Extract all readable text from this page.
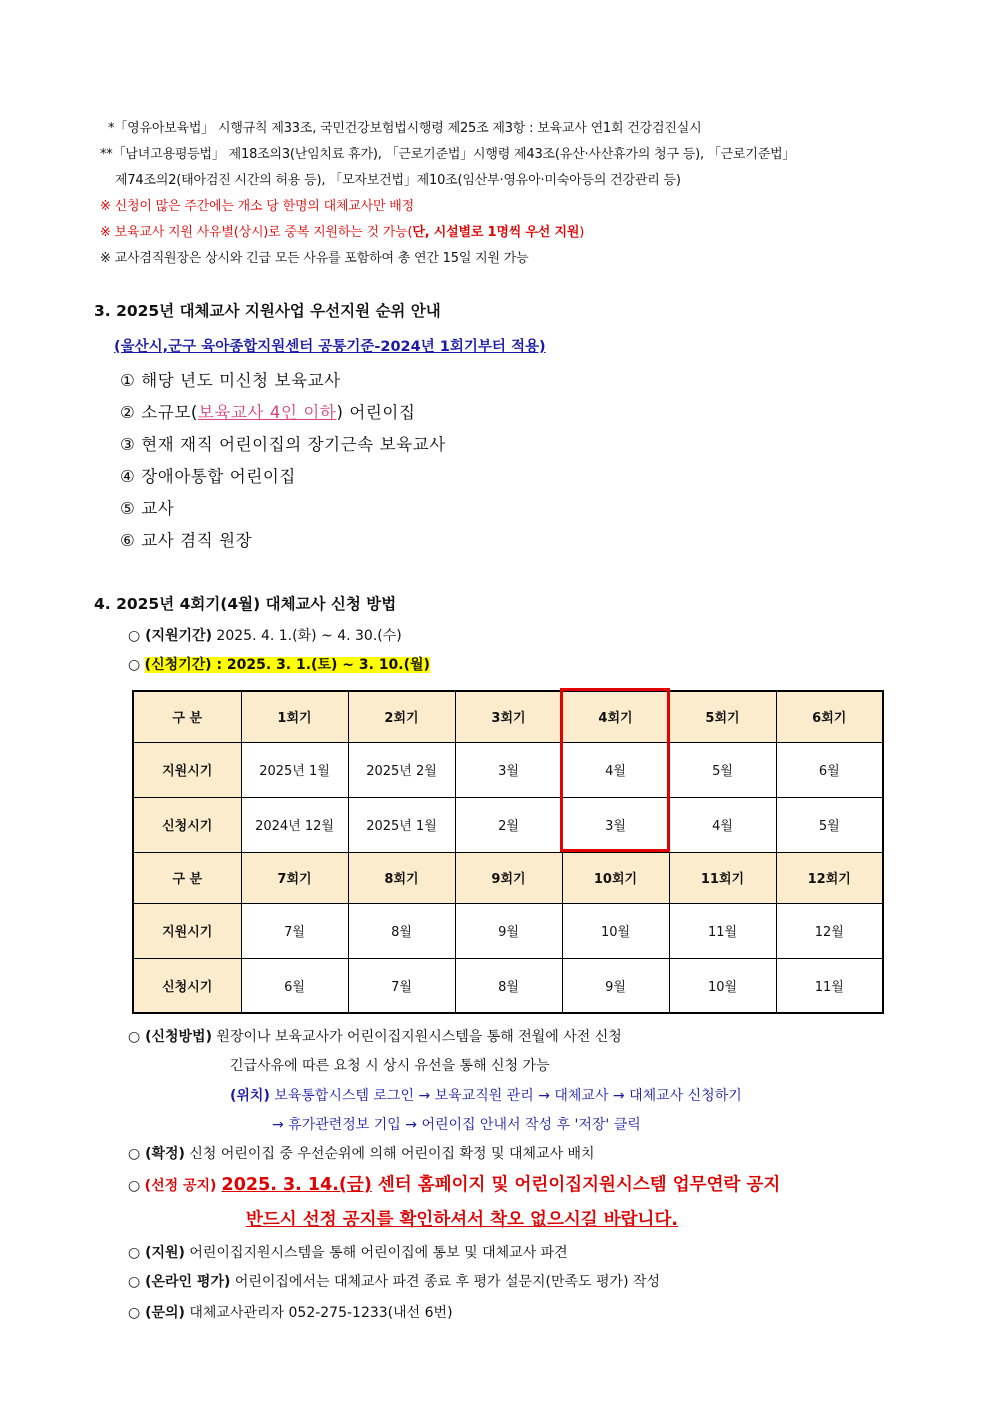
*「영유아보육법」 시행규칙 제33조, 국민건강보험법시행령 제25조 제3항 : 보육교사 연1회 건강검진실시
**「남녀고용평등법」 제18조의3(난임치료 휴가), 「근로기준법」시행령 제43조(유산·사산휴가의 청구 등), 「근로기준법」
제74조의2(태아검진 시간의 허용 등), 「모자보건법」제10조(임산부·영유아·미숙아등의 건강관리 등)
※ 신청이 많은 주간에는 개소 당 한명의 대체교사만 배정
※ 보육교사 지원 사유별(상시)로 중복 지원하는 것 가능(단, 시설별로 1명씩 우선 지원)
※ 교사겸직원장은 상시와 긴급 모든 사유를 포함하여 총 연간 15일 지원 가능
3. 2025년 대체교사 지원사업 우선지원 순위 안내
(울산시,군구 육아종합지원센터 공통기준-2024년 1회기부터 적용)
① 해당 년도 미신청 보육교사
② 소규모(보육교사 4인 이하) 어린이집
③ 현재 재직 어린이집의 장기근속 보육교사
④ 장애아통합 어린이집
⑤ 교사
⑥ 교사 겸직 원장
4. 2025년 4회기(4월) 대체교사 신청 방법
○ (지원기간) 2025. 4. 1.(화) ~ 4. 30.(수)
○ (신청기간) : 2025. 3. 1.(토) ~ 3. 10.(월)
구 분	1회기	2회기	3회기	4회기	5회기	6회기
지원시기	2025년 1월	2025년 2월	3월	4월	5월	6월
신청시기	2024년 12월	2025년 1월	2월	3월	4월	5월
구 분	7회기	8회기	9회기	10회기	11회기	12회기
지원시기	7월	8월	9월	10월	11월	12월
신청시기	6월	7월	8월	9월	10월	11월
○ (신청방법) 원장이나 보육교사가 어린이집지원시스템을 통해 전월에 사전 신청
긴급사유에 따른 요청 시 상시 유선을 통해 신청 가능
(위치) 보육통합시스템 로그인 → 보육교직원 관리 → 대체교사 → 대체교사 신청하기
→ 휴가관련정보 기입 → 어린이집 안내서 작성 후 '저장' 클릭
○ (확정) 신청 어린이집 중 우선순위에 의해 어린이집 확정 및 대체교사 배치
○ (선정 공지) 2025. 3. 14.(금) 센터 홈페이지 및 어린이집지원시스템 업무연락 공지
반드시 선정 공지를 확인하셔서 착오 없으시길 바랍니다.
○ (지원) 어린이집지원시스템을 통해 어린이집에 통보 및 대체교사 파견
○ (온라인 평가) 어린이집에서는 대체교사 파견 종료 후 평가 설문지(만족도 평가) 작성
○ (문의) 대체교사관리자 052-275-1233(내선 6번)
